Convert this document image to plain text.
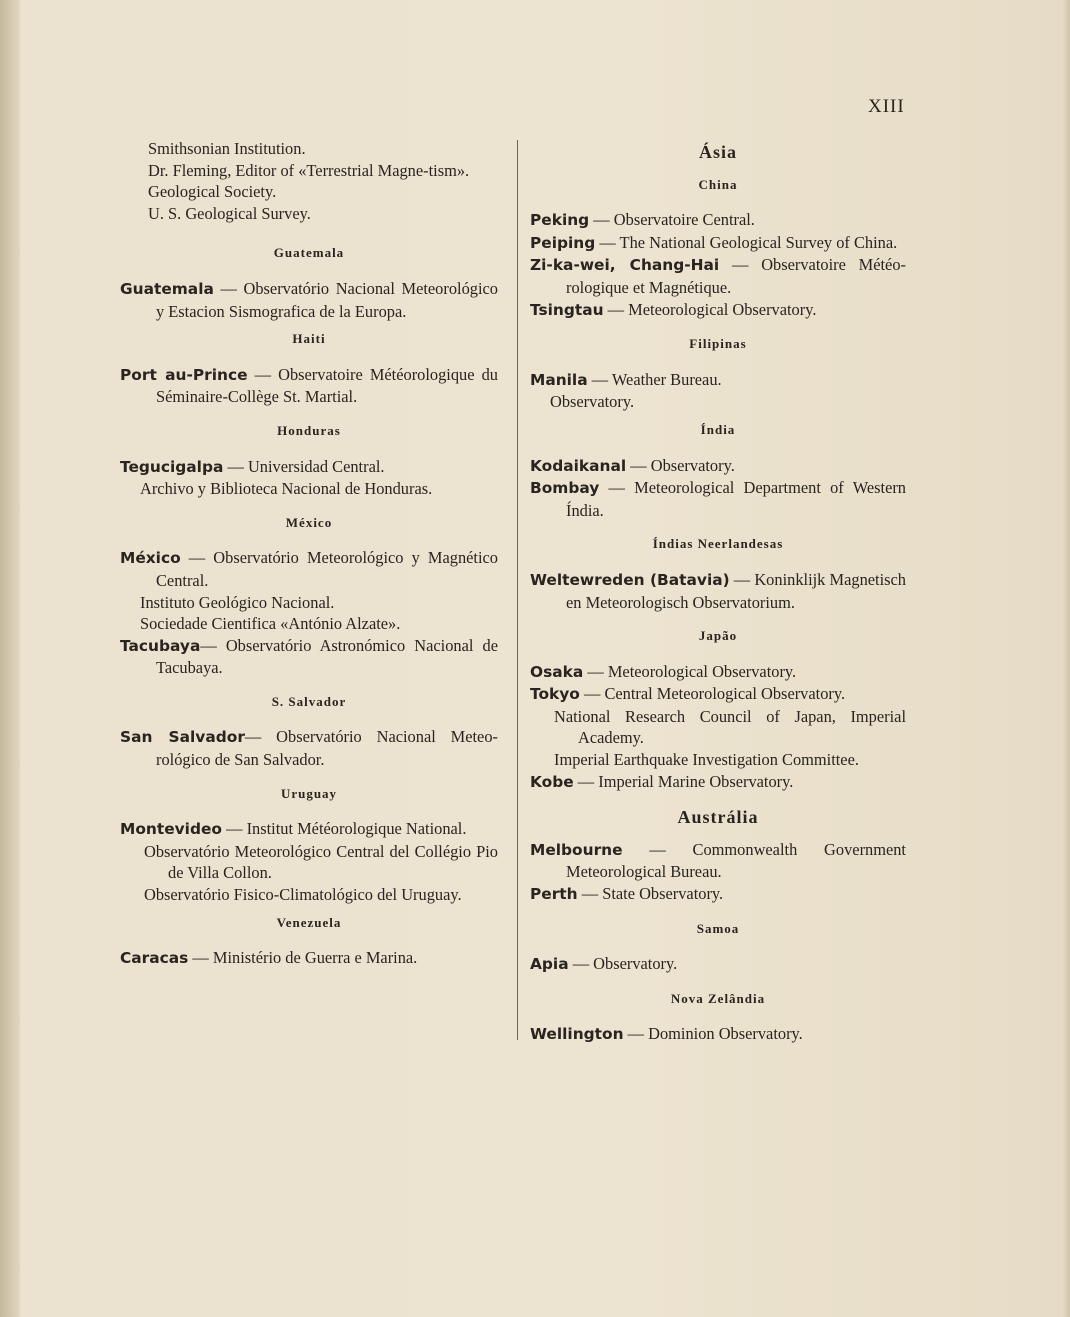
XIII

Smithsonian Institution.

Dr. Fleming, Editor of «Terrestrial Magne-tism».

Geological Society.

U. S. Geological Survey.

Guatemala

Guatemala — Observatório Nacional Meteorológico y Estacion Sismografica de la Europa.

Haiti

Port au-Prince — Observatoire Météorologique du Séminaire-Collège St. Martial.

Honduras

Tegucigalpa — Universidad Central.

Archivo y Biblioteca Nacional de Honduras.

México

México — Observatório Meteorológico y Magnético Central.

Instituto Geológico Nacional.

Sociedade Cientifica «António Alzate».

Tacubaya— Observatório Astronómico Nacional de Tacubaya.

S. Salvador

San Salvador— Observatório Nacional Meteorológico de San Salvador.

Uruguay

Montevideo — Institut Météorologique National.

Observatório Meteorológico Central del Collégio Pio de Villa Collon.

Observatório Fisico-Climatológico del Uruguay.

Venezuela

Caracas — Ministério de Guerra e Marina.

Ásia
China

Peking — Observatoire Central.

Peiping — The National Geological Survey of China.

Zi-ka-wei, Chang-Hai — Observatoire Météorologique et Magnétique.

Tsingtau — Meteorological Observatory.

Filipinas

Manila — Weather Bureau.

Observatory.

Índia

Kodaikanal — Observatory.

Bombay — Meteorological Department of Western Índia.

Índias Neerlandesas

Weltewreden (Batavia) — Koninklijk Magnetisch en Meteorologisch Observatorium.

Japão

Osaka — Meteorological Observatory.

Tokyo — Central Meteorological Observatory.

National Research Council of Japan, Imperial Academy.

Imperial Earthquake Investigation Committee.

Kobe — Imperial Marine Observatory.

Austrália

Melbourne — Commonwealth Government Meteorological Bureau.

Perth — State Observatory.

Samoa

Apia — Observatory.

Nova Zelândia

Wellington — Dominion Observatory.
